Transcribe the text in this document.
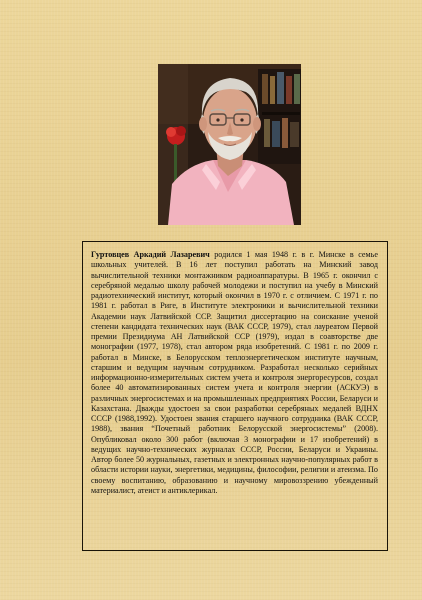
Гуртовцев Аркадий Лазаревич родился 1 мая 1948 г. в г. Минске в семье школьных учителей. В 16 лет поступил работать на Минский завод вычислительной техники монтажником радиоаппаратуры. В 1965 г. окончил с серебряной медалью школу рабочей молодежи и поступил на учебу в Минский радиотехнический институт, который окончил в 1970 г. с отличием. С 1971 г. по 1981 г. работал в Риге, в Институте электроники и вычислительной техники Академии наук Латвийской ССР. Защитил диссертацию на соискание ученой степени кандидата технических наук (ВАК СССР, 1979), стал лауреатом Первой премии Президиума АН Латвийской ССР (1979), издал в соавторстве две монографии (1977, 1978), стал автором ряда изобретений. С 1981 г. по 2009 г. работал в Минске, в Белорусском теплоэнергетическом институте научным, старшим и ведущим научным сотрудником. Разработал несколько серийных информационно-измерительных систем учета и контроля энергоресурсов, создал более 40 автоматизированных систем учета и контроля энергии (АСКУЭ) в различных энергосистемах и на промышленных предприятиях России, Беларуси и Казахстана. Дважды удостоен за свои разработки серебряных медалей ВДНХ СССР (1988,1992). Удостоен звания старшего научного сотрудника (ВАК СССР, 1988), звания “Почетный работник Белорусской энергосистемы” (2008). Опубликовал около 300 работ (включая 3 монографии и 17 изобретений) в ведущих научно-технических журналах СССР, России, Беларуси и Украины. Автор более 50 журнальных, газетных и электронных научно-популярных работ в области истории науки, энергетики, медицины, философии, религии и атеизма. По своему воспитанию, образованию и научному мировоззрению убежденный материалист, атеист и антиклерикал.
